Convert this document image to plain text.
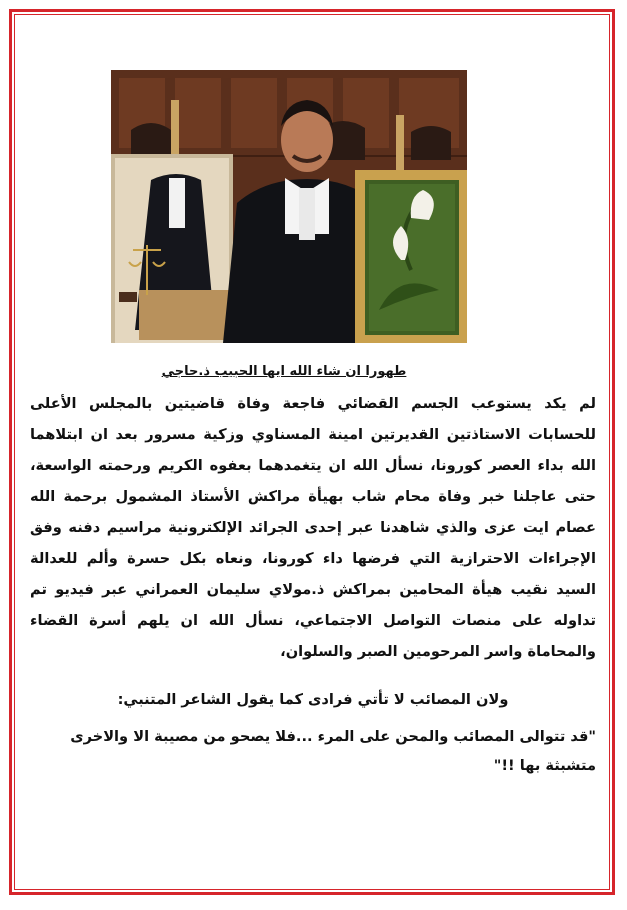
طهورا ان شاء الله ايها الحبيب ذ.حاجي

لم يكد يستوعب الجسم القضائي فاجعة وفاة قاضيتين بالمجلس الأعلى للحسابات الاستاذتين القديرتين امينة المسناوي وزكية مسرور بعد ان ابتلاهما الله بداء العصر كورونا، نسأل الله ان يتغمدهما بعفوه الكريم ورحمته الواسعة، حتى عاجلنا خبر وفاة محام شاب بهيأة مراكش الأستاذ المشمول برحمة الله عصام ايت عزى والذي شاهدنا عبر إحدى الجرائد الإلكترونية مراسيم دفنه وفق الإجراءات الاحترازية التي فرضها داء كورونا، ونعاه بكل حسرة وألم للعدالة السيد نقيب هيأة المحامين بمراكش ذ.مولاي سليمان العمراني عبر فيديو تم تداوله على منصات التواصل الاجتماعي، نسأل الله ان يلهم أسرة القضاء والمحاماة واسر المرحومين الصبر والسلوان،

ولان المصائب لا تأتي فرادى كما يقول الشاعر المتنبي:

"قد تتوالى المصائب والمحن على المرء ...فلا يصحو من مصيبة الا والاخرى متشبثة بها !!"
